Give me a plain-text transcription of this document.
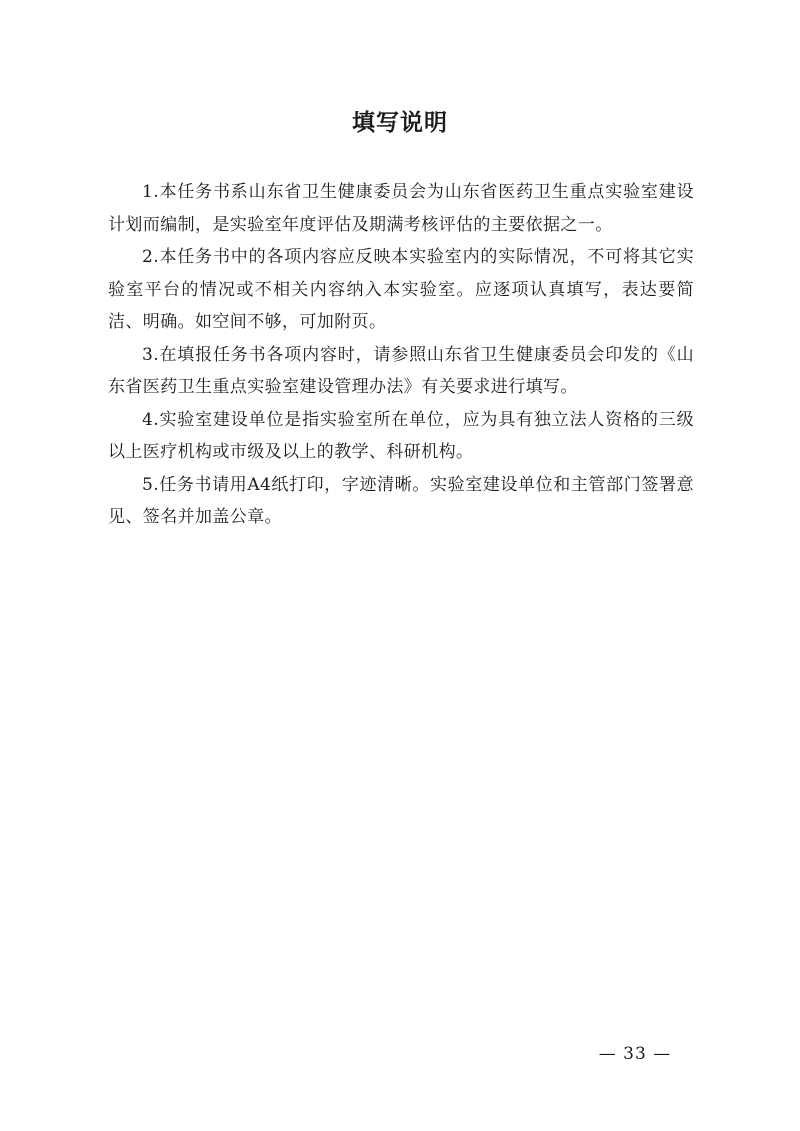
填写说明

1.本任务书系山东省卫生健康委员会为山东省医药卫生重点实验室建设计划而编制，是实验室年度评估及期满考核评估的主要依据之一。

2.本任务书中的各项内容应反映本实验室内的实际情况，不可将其它实验室平台的情况或不相关内容纳入本实验室。应逐项认真填写，表达要简洁、明确。如空间不够，可加附页。

3.在填报任务书各项内容时，请参照山东省卫生健康委员会印发的《山东省医药卫生重点实验室建设管理办法》有关要求进行填写。

4.实验室建设单位是指实验室所在单位，应为具有独立法人资格的三级以上医疗机构或市级及以上的教学、科研机构。

5.任务书请用A4纸打印，字迹清晰。实验室建设单位和主管部门签署意见、签名并加盖公章。

— 33 —
